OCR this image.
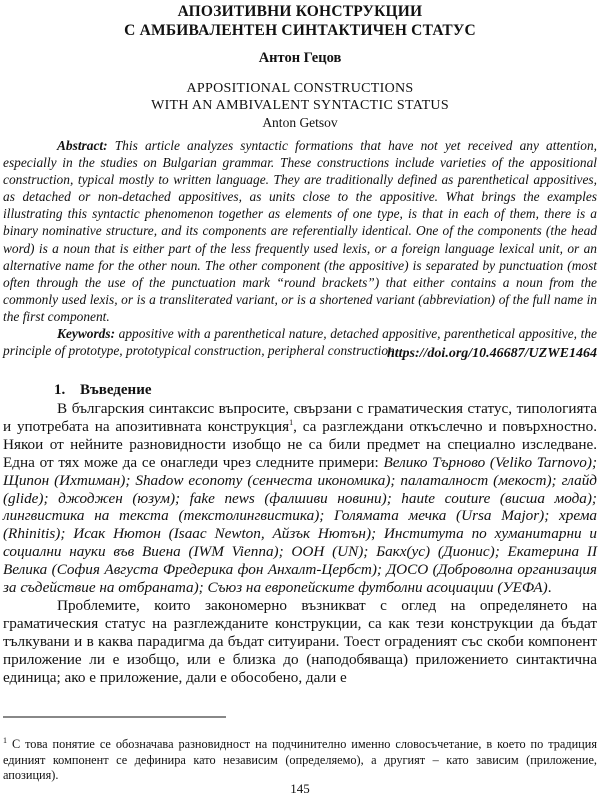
АПОЗИТИВНИ КОНСТРУКЦИИ
С АМБИВАЛЕНТЕН СИНТАКТИЧЕН СТАТУС
Антон Гецов
APPOSITIONAL CONSTRUCTIONS
WITH AN AMBIVALENT SYNTACTIC STATUS
Anton Getsov
Abstract: This article analyzes syntactic formations that have not yet received any attention, especially in the studies on Bulgarian grammar. These constructions include varieties of the appositional construction, typical mostly to written language. They are traditionally defined as parenthetical appositives, as detached or non-detached appositives, as units close to the appositive. What brings the examples illustrating this syntactic phenomenon together as elements of one type, is that in each of them, there is a binary nominative structure, and its components are referentially identical. One of the components (the head word) is a noun that is either part of the less frequently used lexis, or a foreign language lexical unit, or an alternative name for the other noun. The other component (the appositive) is separated by punctuation (most often through the use of the punctuation mark “round brackets”) that either contains a noun from the commonly used lexis, or is a transliterated variant, or is a shortened variant (abbreviation) of the full name in the first component.
Keywords: appositive with a parenthetical nature, detached appositive, parenthetical appositive, the principle of prototype, prototypical construction, peripheral construction.
https://doi.org/10.46687/UZWE1464
1. Въведение

В българския синтаксис въпросите, свързани с граматическия статус, типологията и употребата на апозитивната конструкция$^1$, са разглеждани откъслечно и повърхностно. Някои от нейните разновидности изобщо не са били предмет на специално изследване. Една от тях може да се онагледи чрез следните примери: Велико Търново (Veliko Tarnovo); Щипон (Ихтиман); Shadow economy (сенчеста икономика); палаталност (мекост); глайд (glide); джоджен (юзум); fake news (фалшиви новини); haute couture (висша мода); лингвистика на текста (текстолингвистика); Голямата мечка (Ursa Major); хрема (Rhinitis); Исак Нютон (Isaac Newton, Айзък Нютън); Института по хуманитарни и социални науки във Виена (IWM Vienna); ООН (UN); Бакх(ус) (Дионис); Екатерина II Велика (София Августа Фредерика фон Анхалт-Цербст); ДОСО (Доброволна организация за съдействие на отбраната); Съюз на европейските футболни асоциации (УЕФА).

Проблемите, които закономерно възникват с оглед на определянето на граматическия статус на разглежданите конструкции, са как тези конструкции да бъдат тълкувани и в каква парадигма да бъдат ситуирани. Тоест ограденият със скоби компонент приложение ли е изобщо, или е близка до (наподобяваща) приложението синтактична единица; ако е приложение, дали е обособено, дали е

$^1$ С това понятие се обозначава разновидност на подчинително именно словосъчетание, в което по традиция единият компонент се дефинира като независим (определяемо), а другият – като зависим (приложение, апозиция).
145
